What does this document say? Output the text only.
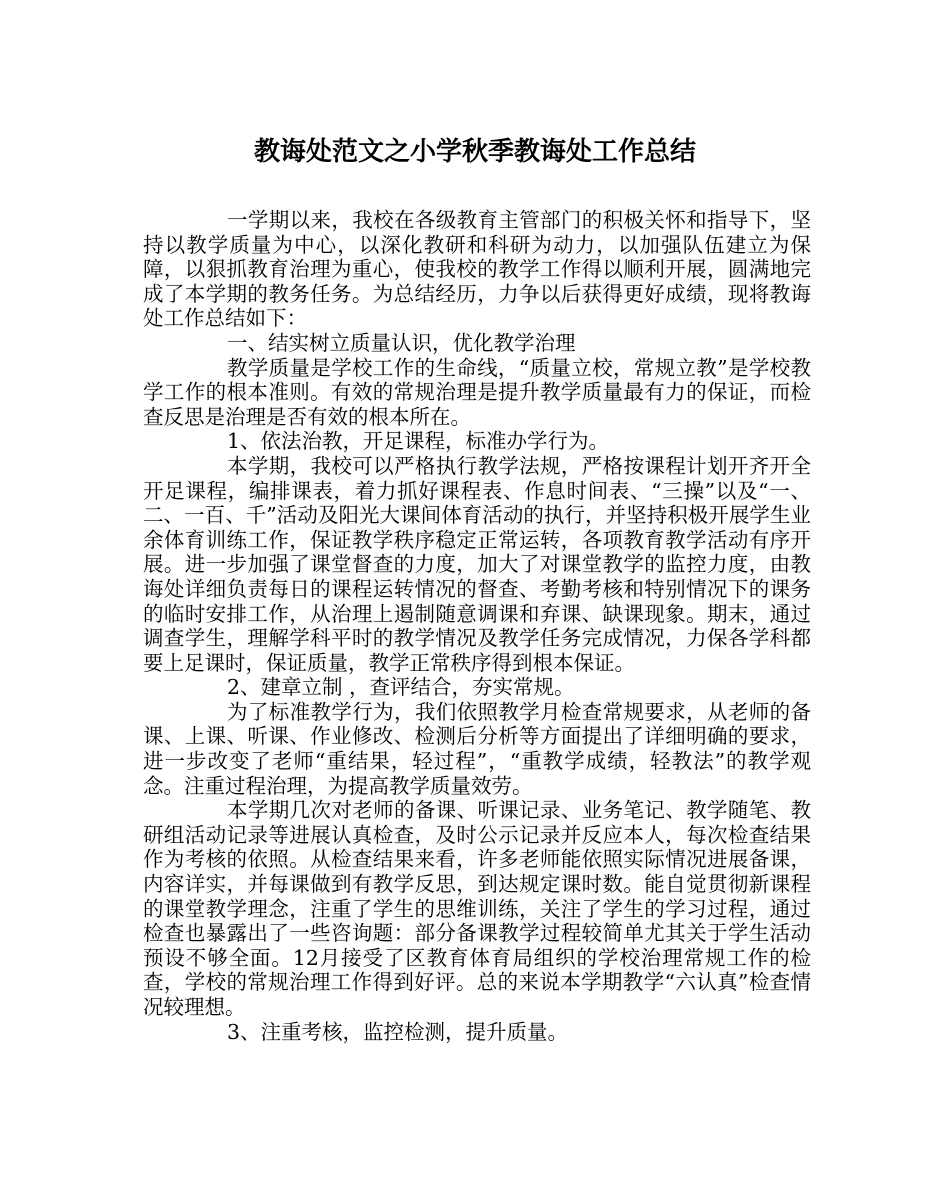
教诲处范文之小学秋季教诲处工作总结

一学期以来，我校在各级教育主管部门的积极关怀和指导下，坚持以教学质量为中心，以深化教研和科研为动力，以加强队伍建立为保障，以狠抓教育治理为重心，使我校的教学工作得以顺利开展，圆满地完成了本学期的教务任务。为总结经历，力争以后获得更好成绩，现将教诲处工作总结如下：

一、结实树立质量认识，优化教学治理

教学质量是学校工作的生命线，“质量立校，常规立教”是学校教学工作的根本准则。有效的常规治理是提升教学质量最有力的保证，而检查反思是治理是否有效的根本所在。

1、依法治教，开足课程，标准办学行为。

本学期，我校可以严格执行教学法规，严格按课程计划开齐开全开足课程，编排课表，着力抓好课程表、作息时间表、“三操”以及“一、二、一百、千”活动及阳光大课间体育活动的执行，并坚持积极开展学生业余体育训练工作，保证教学秩序稳定正常运转，各项教育教学活动有序开展。进一步加强了课堂督查的力度，加大了对课堂教学的监控力度，由教诲处详细负责每日的课程运转情况的督查、考勤考核和特别情况下的课务的临时安排工作，从治理上遏制随意调课和弃课、缺课现象。期末，通过调查学生，理解学科平时的教学情况及教学任务完成情况，力保各学科都要上足课时，保证质量，教学正常秩序得到根本保证。

2、建章立制 ，查评结合，夯实常规。

为了标准教学行为，我们依照教学月检查常规要求，从老师的备课、上课、听课、作业修改、检测后分析等方面提出了详细明确的要求，进一步改变了老师“重结果，轻过程”，“重教学成绩，轻教法”的教学观念。注重过程治理，为提高教学质量效劳。

本学期几次对老师的备课、听课记录、业务笔记、教学随笔、教研组活动记录等进展认真检查，及时公示记录并反应本人，每次检查结果作为考核的依照。从检查结果来看，许多老师能依照实际情况进展备课，内容详实，并每课做到有教学反思，到达规定课时数。能自觉贯彻新课程的课堂教学理念，注重了学生的思维训练，关注了学生的学习过程，通过检查也暴露出了一些咨询题：部分备课教学过程较简单尤其关于学生活动预设不够全面。12月接受了区教育体育局组织的学校治理常规工作的检查，学校的常规治理工作得到好评。总的来说本学期教学“六认真”检查情况较理想。

3、注重考核，监控检测，提升质量。
